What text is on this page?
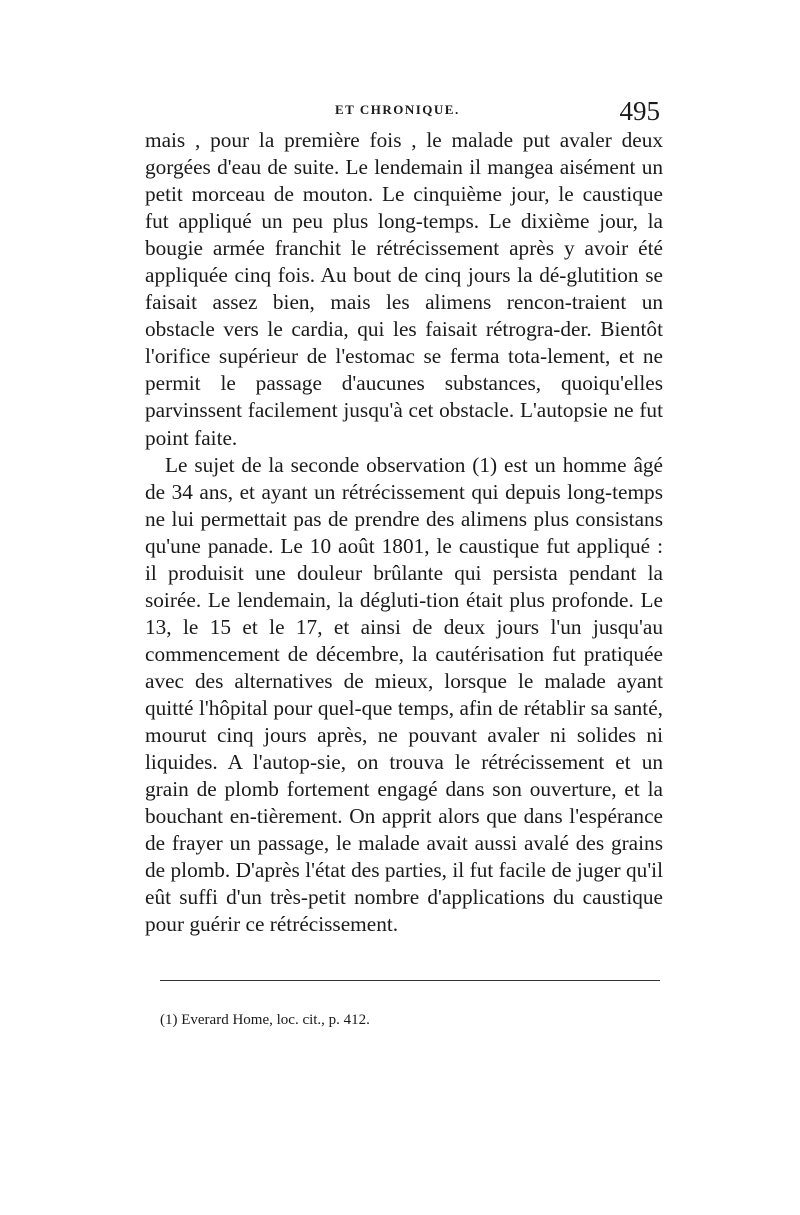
ET CHRONIQUE.	495

mais , pour la première fois , le malade put avaler deux gorgées d'eau de suite. Le lendemain il mangea aisément un petit morceau de mouton. Le cinquième jour, le caustique fut appliqué un peu plus long-temps. Le dixième jour, la bougie armée franchit le rétrécissement après y avoir été appliquée cinq fois. Au bout de cinq jours la dé-glutition se faisait assez bien, mais les alimens rencon-traient un obstacle vers le cardia, qui les faisait rétrogra-der. Bientôt l'orifice supérieur de l'estomac se ferma tota-lement, et ne permit le passage d'aucunes substances, quoiqu'elles parvinssent facilement jusqu'à cet obstacle. L'autopsie ne fut point faite.

Le sujet de la seconde observation (1) est un homme âgé de 34 ans, et ayant un rétrécissement qui depuis long-temps ne lui permettait pas de prendre des alimens plus consistans qu'une panade. Le 10 août 1801, le caustique fut appliqué : il produisit une douleur brûlante qui persista pendant la soirée. Le lendemain, la dégluti-tion était plus profonde. Le 13, le 15 et le 17, et ainsi de deux jours l'un jusqu'au commencement de décembre, la cautérisation fut pratiquée avec des alternatives de mieux, lorsque le malade ayant quitté l'hôpital pour quel-que temps, afin de rétablir sa santé, mourut cinq jours après, ne pouvant avaler ni solides ni liquides. A l'autop-sie, on trouva le rétrécissement et un grain de plomb fortement engagé dans son ouverture, et la bouchant en-tièrement. On apprit alors que dans l'espérance de frayer un passage, le malade avait aussi avalé des grains de plomb. D'après l'état des parties, il fut facile de juger qu'il eût suffi d'un très-petit nombre d'applications du caustique pour guérir ce rétrécissement.

(1) Everard Home, loc. cit., p. 412.
